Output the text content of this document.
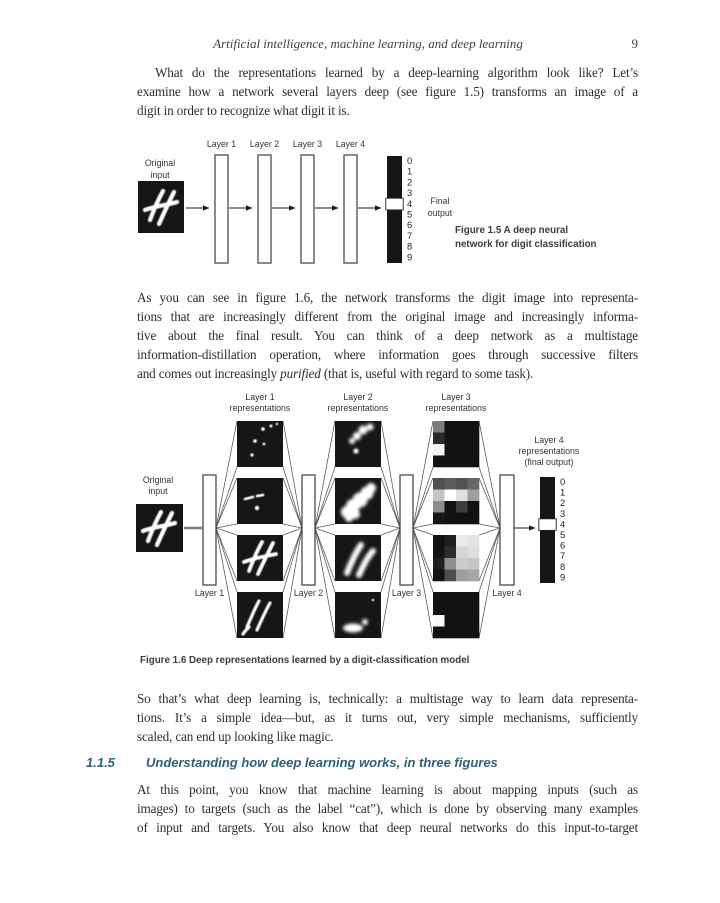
Artificial intelligence, machine learning, and deep learning	9
What do the representations learned by a deep-learning algorithm look like? Let’s
examine how a network several layers deep (see figure 1.5) transforms an image of a
digit in order to recognize what digit it is.
Layer 1 Layer 2 Layer 3 Layer 4
Original
input
0
1
2
3
4
5
6
7
8
9
Final
output
Figure 1.5 A deep neural
network for digit classification
As you can see in figure 1.6, the network transforms the digit image into representa-
tions that are increasingly different from the original image and increasingly informa-
tive about the final result. You can think of a deep network as a multistage
information-distillation operation, where information goes through successive filters
and comes out increasingly purified (that is, useful with regard to some task).
Layer 1
representations
Layer 2
representations
Layer 3
representations
Layer 4
representations
(final output)
Original
input
0
1
2
3
4
5
6
7
8
9
Layer 1	Layer 2	Layer 3	Layer 4
Figure 1.6 Deep representations learned by a digit-classification model
So that’s what deep learning is, technically: a multistage way to learn data representa-
tions. It’s a simple idea—but, as it turns out, very simple mechanisms, sufficiently
scaled, can end up looking like magic.
1.1.5	Understanding how deep learning works, in three figures
At this point, you know that machine learning is about mapping inputs (such as
images) to targets (such as the label “cat”), which is done by observing many examples
of input and targets. You also know that deep neural networks do this input-to-target
